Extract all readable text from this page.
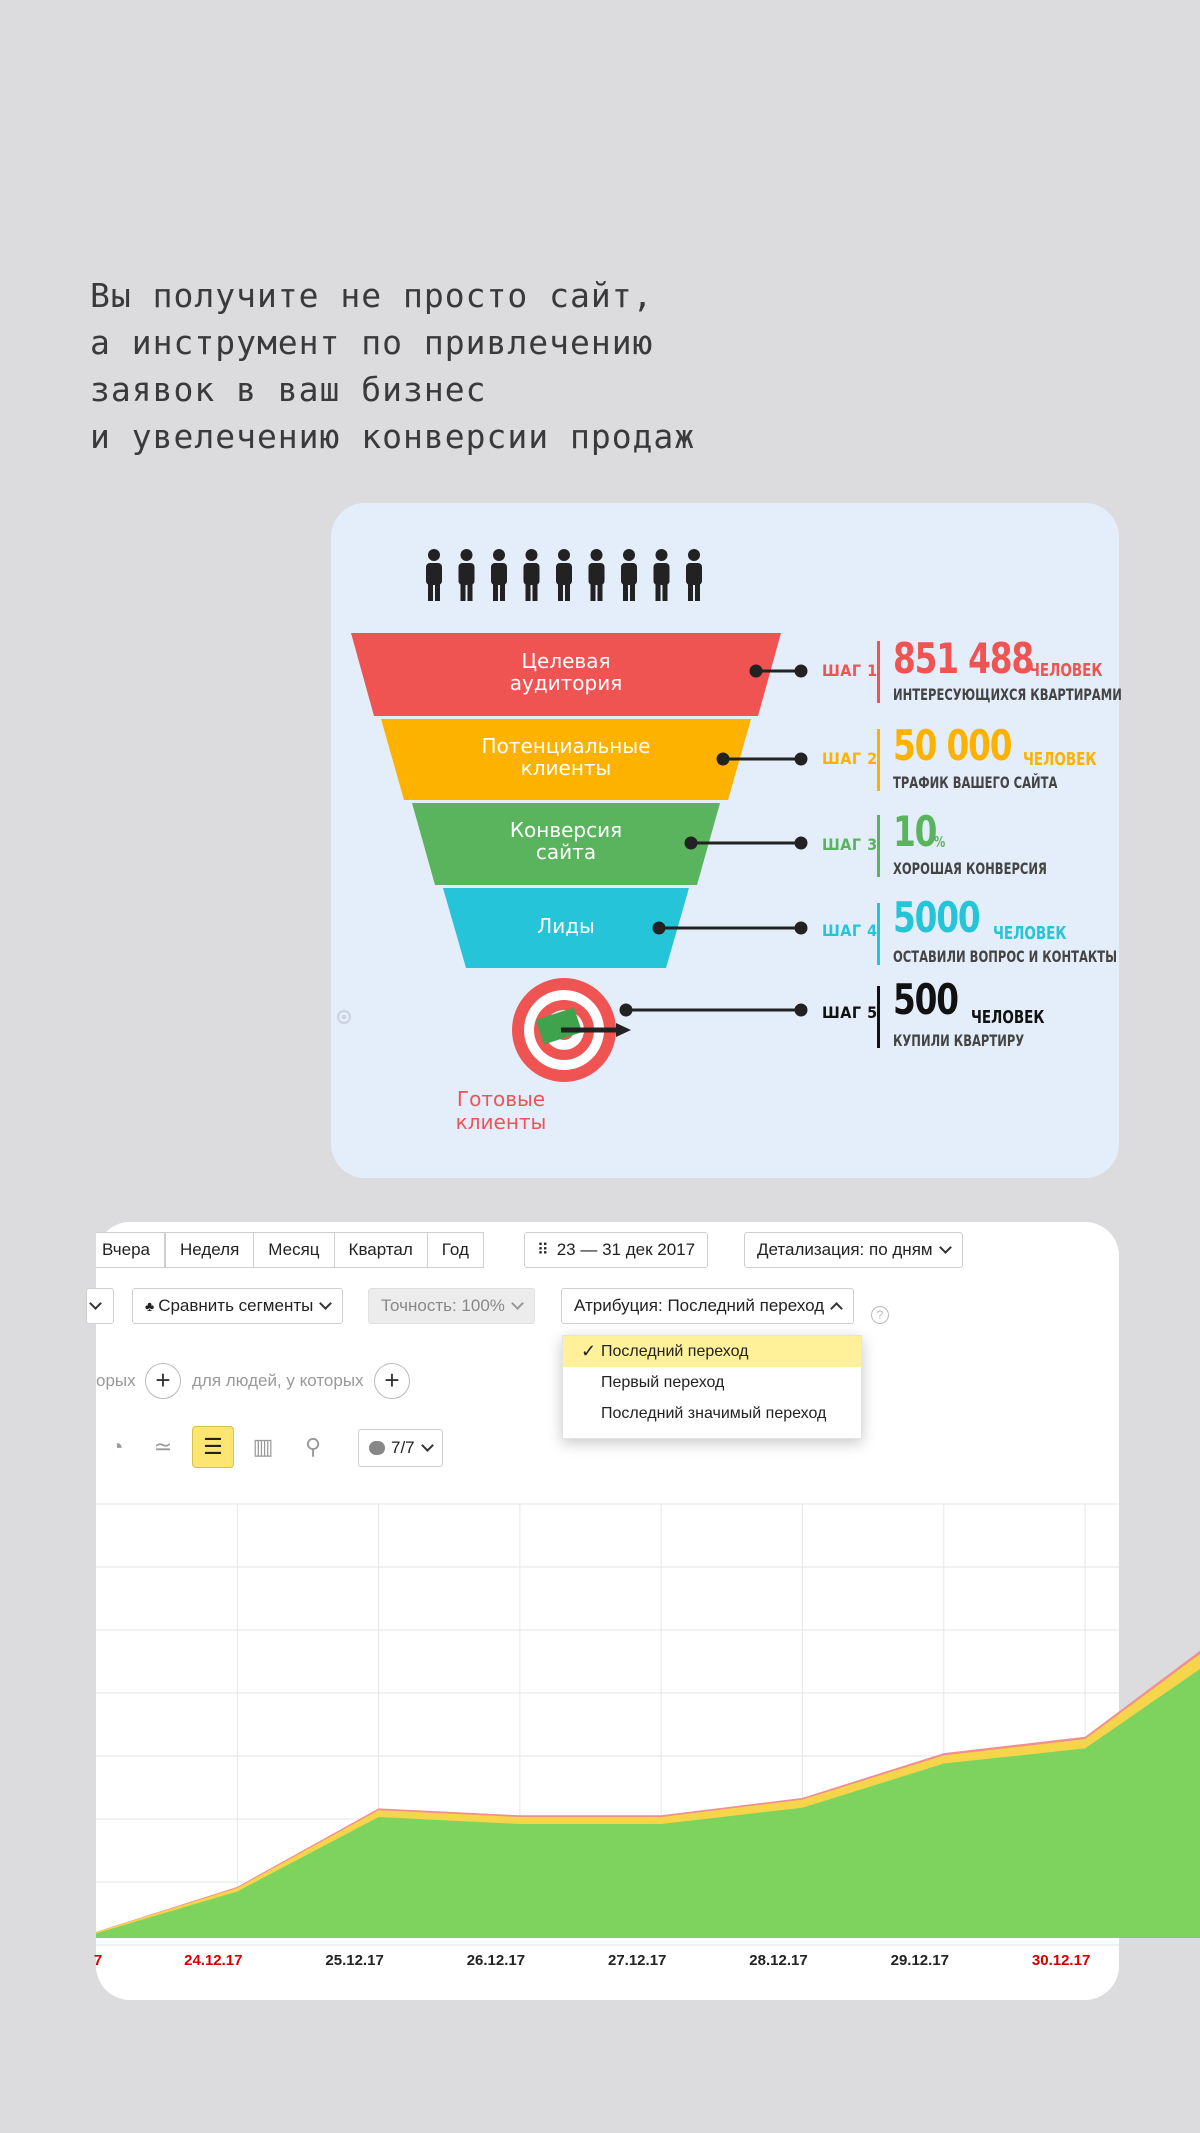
Вы получите не просто сайт,
а инструмент по привлечению
заявок в ваш бизнес
и увелечению конверсии продаж
Целевая
аудитория
Потенциальные
клиенты
Конверсия
сайта
Лиды
Готовые
клиенты
ШАГ 1 851 488
ЧЕЛОВЕК
ИНТЕРЕСУЮЩИХСЯ КВАРТИРАМИ
ШАГ 2 50 000 ЧЕЛОВЕК
ТРАФИК ВАШЕГО САЙТА
ШАГ 3 10
%
ХОРОШАЯ КОНВЕРСИЯ
ШАГ 4 5000 ЧЕЛОВЕК
ОСТАВИЛИ ВОПРОС И КОНТАКТЫ
ШАГ 5 500 ЧЕЛОВЕК
КУПИЛИ КВАРТИРУ
Вчера	Неделя	Месяц	Квартал	Год	⠿ 23 — 31 дек 2017	Детализация: по дням
♣ Сравнить сегменты	Точность: 100%	Атрибуция: Последний переход	?
✓ Последний переход
Первый переход
Последний значимый переход
орых +	для людей, у которых +
◔	≃	☰	▥	⚲	7/7
7	24.12.17	25.12.17	26.12.17	27.12.17	28.12.17	29.12.17	30.12.17
